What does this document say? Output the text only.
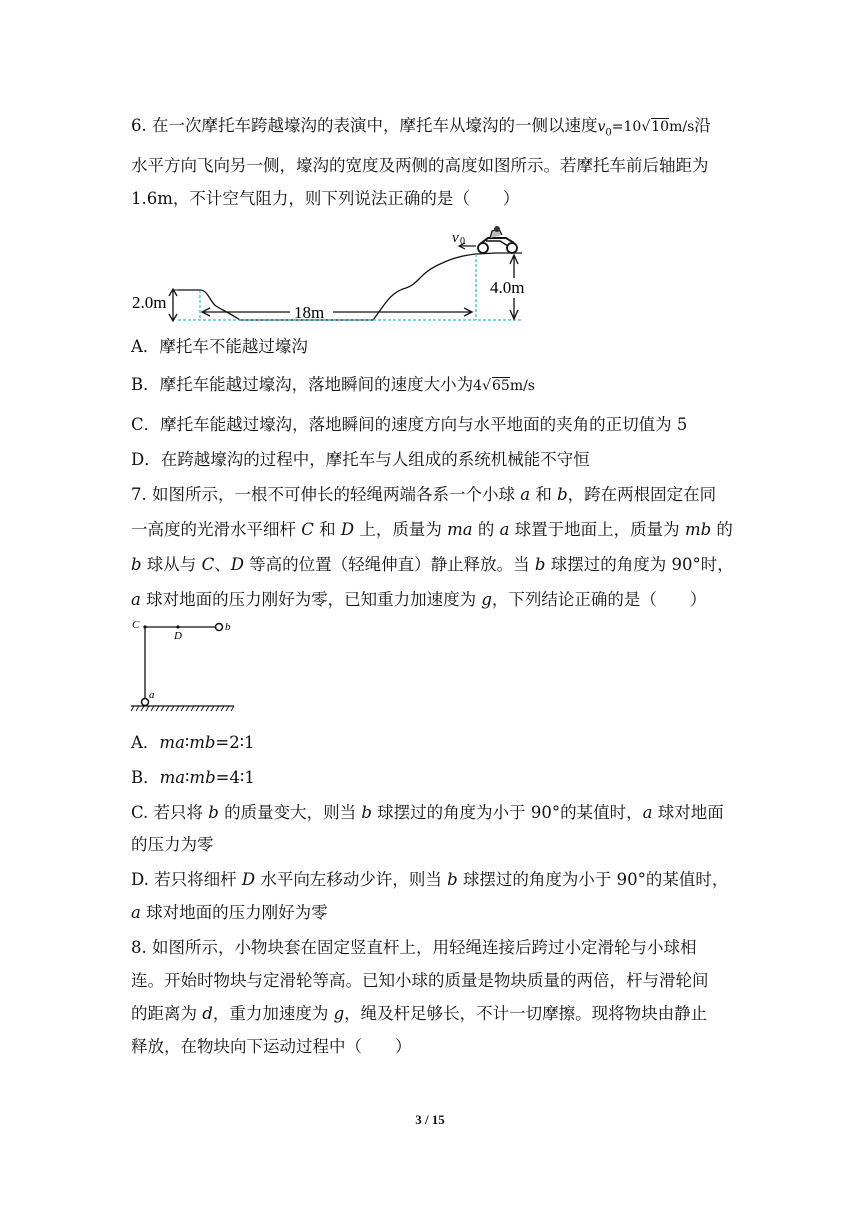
6. 在一次摩托车跨越壕沟的表演中，摩托车从壕沟的一侧以速度$v_0=10√10m/s$沿
水平方向飞向另一侧，壕沟的宽度及两侧的高度如图所示。若摩托车前后轴距为
1.6m，不计空气阻力，则下列说法正确的是（　　）
2.0m
18m
4.0m
v 0
A．摩托车不能越过壕沟
B．摩托车能越过壕沟，落地瞬间的速度大小为4√65m/s
C．摩托车能越过壕沟，落地瞬间的速度方向与水平地面的夹角的正切值为 5
D．在跨越壕沟的过程中，摩托车与人组成的系统机械能不守恒
7. 如图所示，一根不可伸长的轻绳两端各系一个小球 a 和 b，跨在两根固定在同
一高度的光滑水平细杆 C 和 D 上，质量为 ma 的 a 球置于地面上，质量为 mb 的
b 球从与 C、D 等高的位置（轻绳伸直）静止释放。当 b 球摆过的角度为 90°时，
a 球对地面的压力刚好为零，已知重力加速度为 g，下列结论正确的是（　　）
C
D
b
a
A．ma∶mb=2∶1
B．ma∶mb=4∶1
C. 若只将 b 的质量变大，则当 b 球摆过的角度为小于 90°的某值时，a 球对地面
的压力为零
D. 若只将细杆 D 水平向左移动少许，则当 b 球摆过的角度为小于 90°的某值时，
a 球对地面的压力刚好为零
8. 如图所示，小物块套在固定竖直杆上，用轻绳连接后跨过小定滑轮与小球相
连。开始时物块与定滑轮等高。已知小球的质量是物块质量的两倍，杆与滑轮间
的距离为 d，重力加速度为 g，绳及杆足够长，不计一切摩擦。现将物块由静止
释放，在物块向下运动过程中（　　）
3 / 15
